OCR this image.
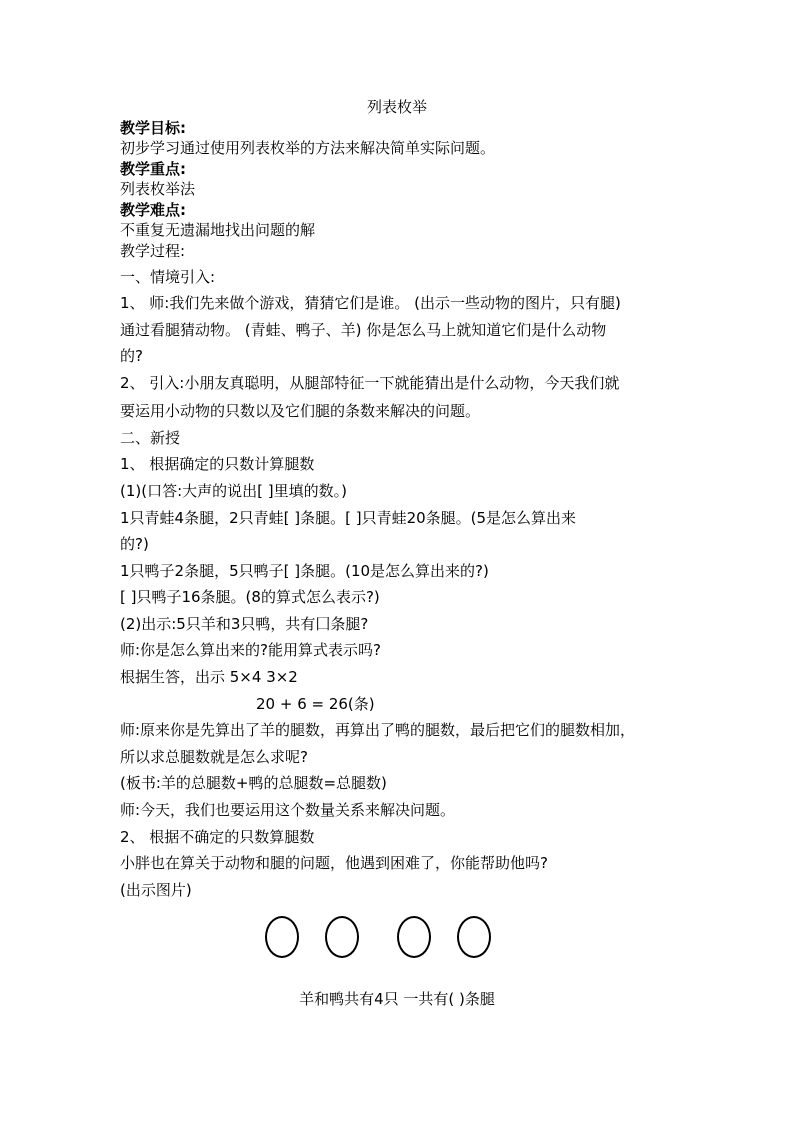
列表枚举
教学目标:
初步学习通过使用列表枚举的方法来解决简单实际问题。
教学重点:
列表枚举法
教学难点:
不重复无遗漏地找出问题的解
教学过程:
一、情境引入:
1、 师:我们先来做个游戏，猜猜它们是谁。 (出示一些动物的图片，只有腿)
通过看腿猜动物。 (青蛙、鸭子、羊) 你是怎么马上就知道它们是什么动物
的?
2、 引入:小朋友真聪明，从腿部特征一下就能猜出是什么动物，今天我们就
要运用小动物的只数以及它们腿的条数来解决的问题。
二、新授
1、 根据确定的只数计算腿数
(1)(口答:大声的说出[ ]里填的数。)
1只青蛙4条腿，2只青蛙[ ]条腿。[ ]只青蛙20条腿。(5是怎么算出来
的?)
1只鸭子2条腿，5只鸭子[ ]条腿。(10是怎么算出来的?)
[ ]只鸭子16条腿。(8的算式怎么表示?)
(2)出示:5只羊和3只鸭，共有囗条腿?
师:你是怎么算出来的?能用算式表示吗?
根据生答，出示 5×4 3×2
20 + 6 = 26(条)
师:原来你是先算出了羊的腿数，再算出了鸭的腿数，最后把它们的腿数相加，
所以求总腿数就是怎么求呢?
(板书:羊的总腿数+鸭的总腿数=总腿数)
师:今天，我们也要运用这个数量关系来解决问题。
2、 根据不确定的只数算腿数
小胖也在算关于动物和腿的问题，他遇到困难了，你能帮助他吗?
(出示图片)
羊和鸭共有4只 一共有( )条腿
